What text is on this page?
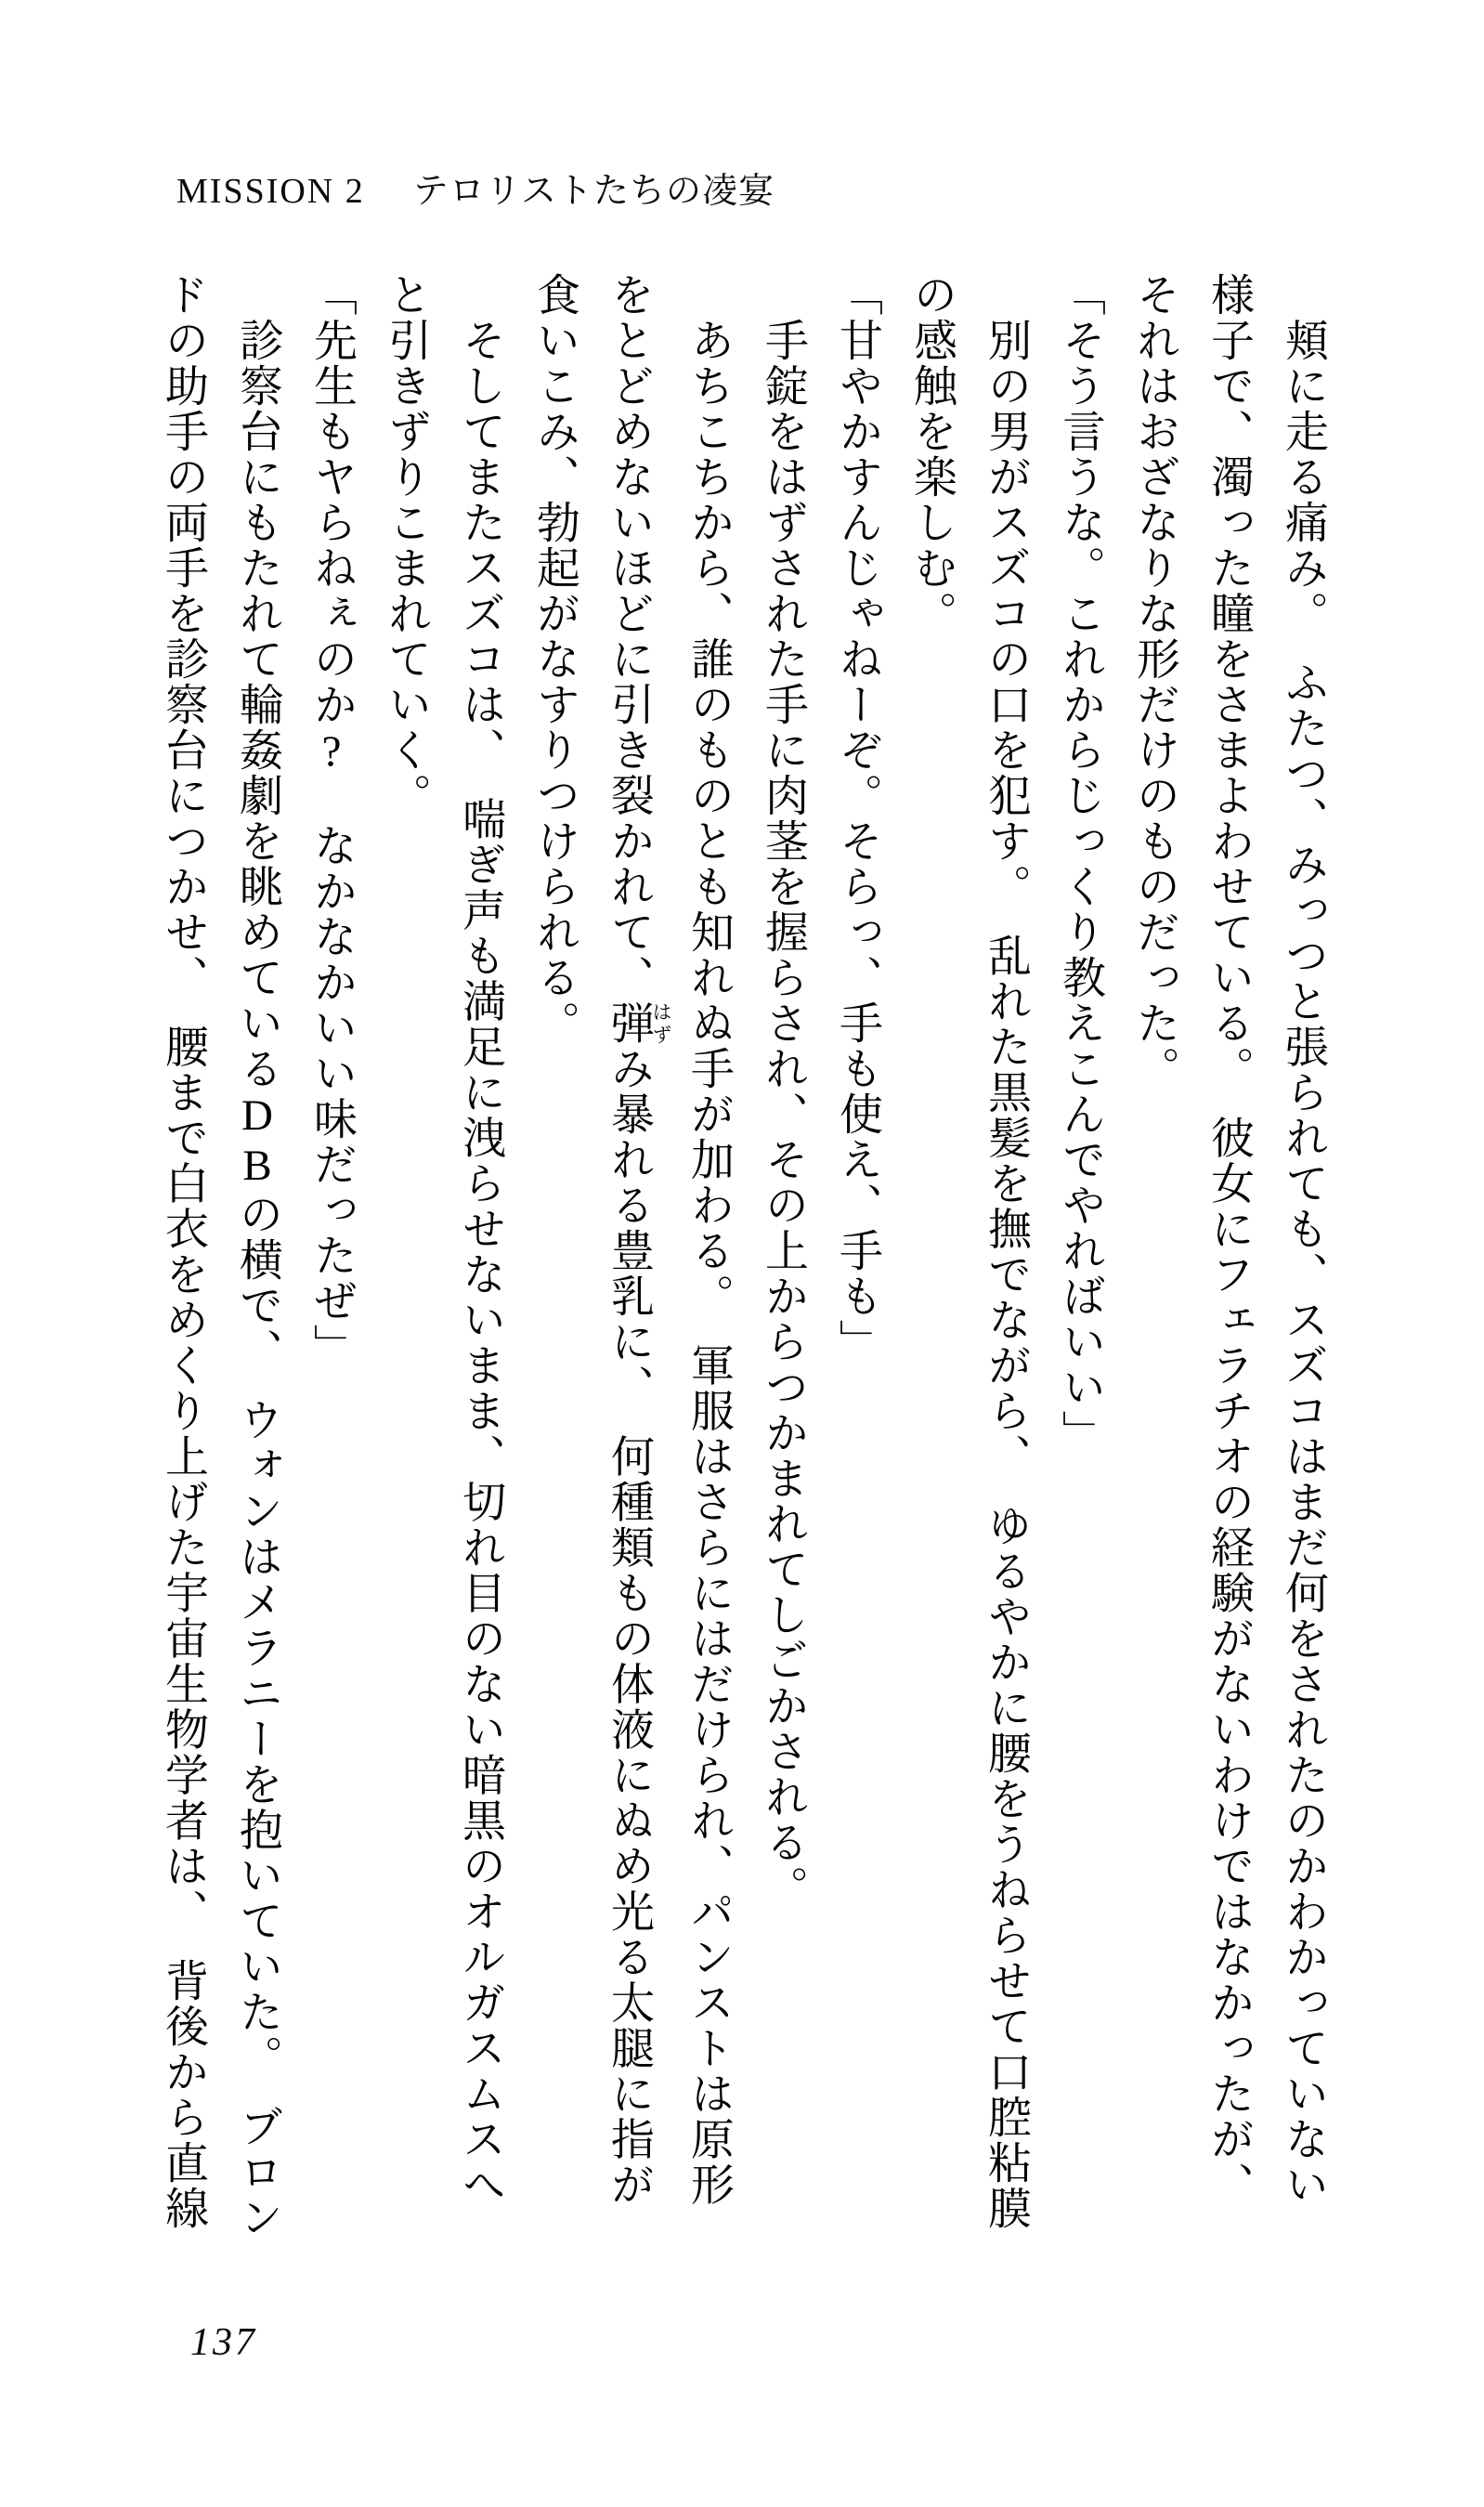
MISSION 2 テロリストたちの凌宴

頬に走る痛み。　ふたつ、みっつと張られても、スズコはまだ何をされたのかわかっていない

様子で、濁った瞳をさまよわせている。　彼女にフェラチオの経験がないわけではなかったが、

それはおざなりな形だけのものだった。

「そう言うな。これからじっくり教えこんでやればいい」

別の男がスズコの口を犯す。　乱れた黒髪を撫でながら、　ゆるやかに腰をうねらせて口腔粘膜

の感触を楽しむ。

「甘やかすんじゃねーぞ。そらっ、手も使え、手も」

手錠をはずされた手に肉茎を握らされ、その上からつかまれてしごかされる。

あちこちから、誰のものとも知れぬ手が加わる。　軍服はさらにはだけられ、パンストは原形

をとどめないほどに引き裂かれて、弾はずみ暴れる豊乳に、　何種類もの体液にぬめ光る太腿に指が

食いこみ、勃起がなすりつけられる。

そしてまたスズコは、　喘ぎ声も満足に洩らせないまま、切れ目のない暗黒のオルガスムスへ

と引きずりこまれていく。

「先生もヤらねぇのか?　なかなかいい味だったぜ」

診察台にもたれて輪姦劇を眺めているDBの横で、　ウォンはメラニーを抱いていた。　ブロン

ドの助手の両手を診察台につかせ、　腰まで白衣をめくり上げた宇宙生物学者は、　背後から直線

137
